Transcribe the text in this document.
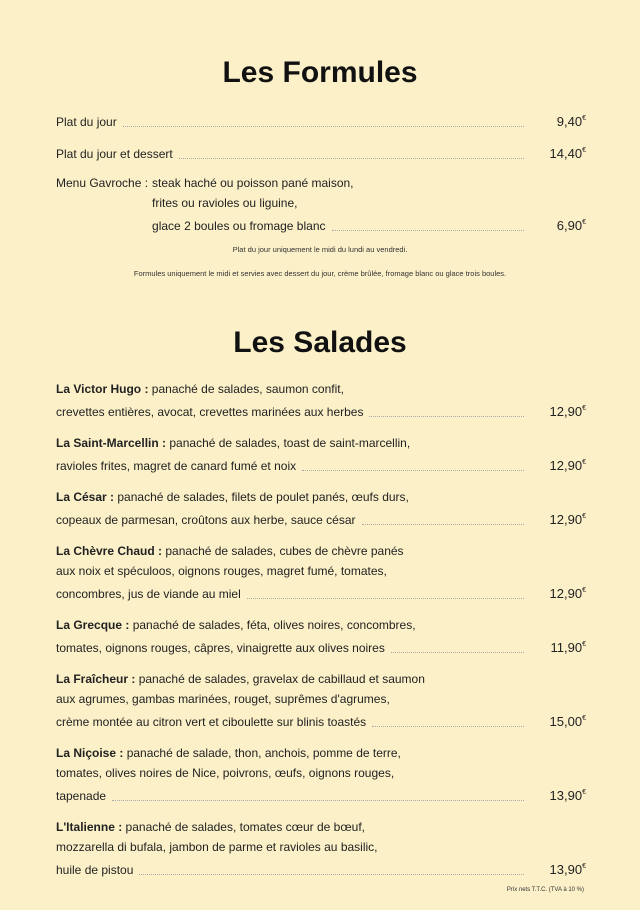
Les Formules
Plat du jour	9,40€
Plat du jour et dessert	14,40€
Menu Gavroche : steak haché ou poisson pané maison,
frites ou ravioles ou liguine,
glace 2 boules ou fromage blanc	6,90€
Plat du jour uniquement le midi du lundi au vendredi.
Formules uniquement le midi et servies avec dessert du jour, crème brûlée, fromage blanc ou glace trois boules.
Les Salades
La Victor Hugo : panaché de salades, saumon confit,
crevettes entières, avocat, crevettes marinées aux herbes	12,90€
La Saint-Marcellin : panaché de salades, toast de saint-marcellin,
ravioles frites, magret de canard fumé et noix	12,90€
La César : panaché de salades, filets de poulet panés, œufs durs,
copeaux de parmesan, croûtons aux herbe, sauce césar	12,90€
La Chèvre Chaud : panaché de salades, cubes de chèvre panés
aux noix et spéculoos, oignons rouges, magret fumé, tomates,
concombres, jus de viande au miel	12,90€
La Grecque : panaché de salades, féta, olives noires, concombres,
tomates, oignons rouges, câpres, vinaigrette aux olives noires	11,90€
La Fraîcheur : panaché de salades, gravelax de cabillaud et saumon
aux agrumes, gambas marinées, rouget, suprêmes d'agrumes,
crème montée au citron vert et ciboulette sur blinis toastés	15,00€
La Niçoise : panaché de salade, thon, anchois, pomme de terre,
tomates, olives noires de Nice, poivrons, œufs, oignons rouges,
tapenade	13,90€
L'Italienne : panaché de salades, tomates cœur de bœuf,
mozzarella di bufala, jambon de parme et ravioles au basilic,
huile de pistou	13,90€
Prix nets T.T.C. (TVA à 10 %)
